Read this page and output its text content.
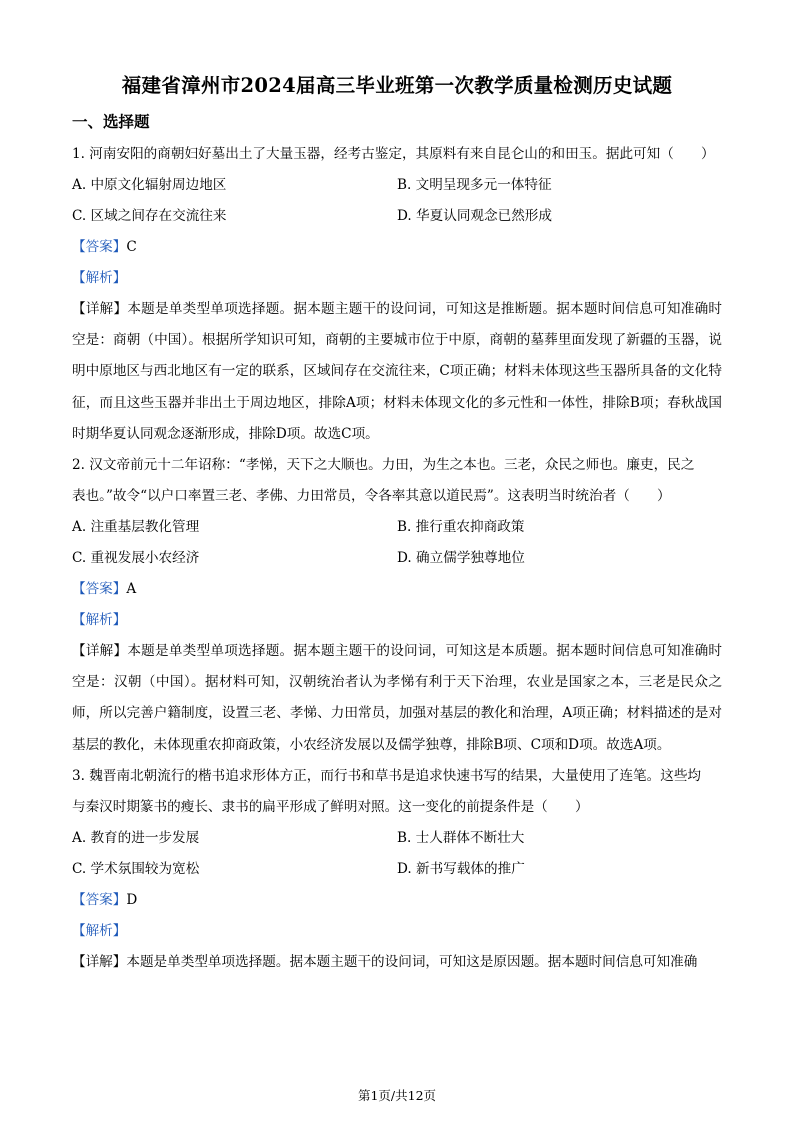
福建省漳州市2024届高三毕业班第一次教学质量检测历史试题
一、选择题
1. 河南安阳的商朝妇好墓出土了大量玉器，经考古鉴定，其原料有来自昆仑山的和田玉。据此可知（　　）
A. 中原文化辐射周边地区	B. 文明呈现多元一体特征
C. 区域之间存在交流往来	D. 华夏认同观念已然形成
【答案】C
【解析】
【详解】本题是单类型单项选择题。据本题主题干的设问词，可知这是推断题。据本题时间信息可知准确时空是：商朝（中国）。根据所学知识可知，商朝的主要城市位于中原，商朝的墓葬里面发现了新疆的玉器，说明中原地区与西北地区有一定的联系，区域间存在交流往来，C项正确；材料未体现这些玉器所具备的文化特征，而且这些玉器并非出土于周边地区，排除A项；材料未体现文化的多元性和一体性，排除B项；春秋战国时期华夏认同观念逐渐形成，排除D项。故选C项。
2. 汉文帝前元十二年诏称：“孝悌，天下之大顺也。力田，为生之本也。三老，众民之师也。廉吏，民之
表也。”故令“以户口率置三老、孝佛、力田常员，令各率其意以道民焉”。这表明当时统治者（　　）
A. 注重基层教化管理	B. 推行重农抑商政策
C. 重视发展小农经济	D. 确立儒学独尊地位
【答案】A
【解析】
【详解】本题是单类型单项选择题。据本题主题干的设问词，可知这是本质题。据本题时间信息可知准确时空是：汉朝（中国）。据材料可知，汉朝统治者认为孝悌有利于天下治理，农业是国家之本，三老是民众之师，所以完善户籍制度，设置三老、孝悌、力田常员，加强对基层的教化和治理，A项正确；材料描述的是对基层的教化，未体现重农抑商政策，小农经济发展以及儒学独尊，排除B项、C项和D项。故选A项。
3. 魏晋南北朝流行的楷书追求形体方正，而行书和草书是追求快速书写的结果，大量使用了连笔。这些均
与秦汉时期篆书的瘦长、隶书的扁平形成了鲜明对照。这一变化的前提条件是（　　）
A. 教育的进一步发展	B. 士人群体不断壮大
C. 学术氛围较为宽松	D. 新书写载体的推广
【答案】D
【解析】
【详解】本题是单类型单项选择题。据本题主题干的设问词，可知这是原因题。据本题时间信息可知准确
第1页/共12页
